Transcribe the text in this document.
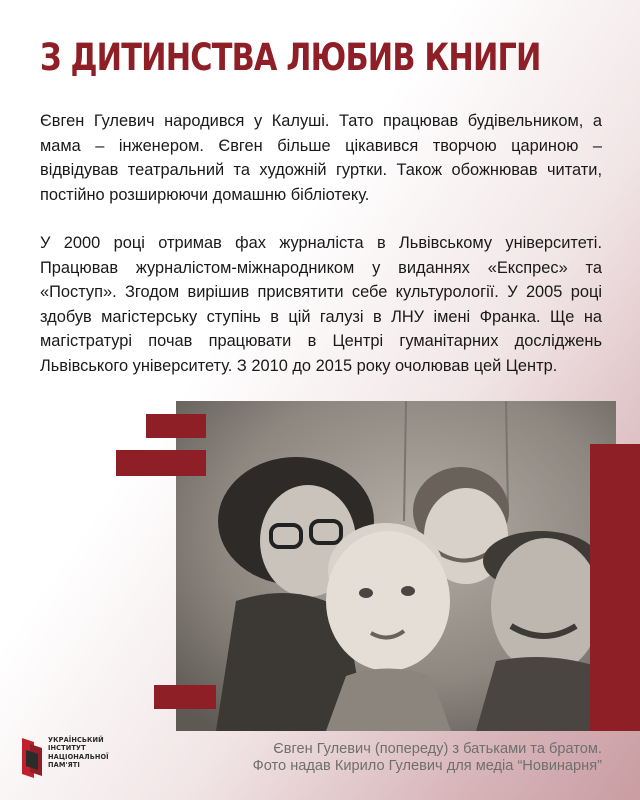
З ДИТИНСТВА ЛЮБИВ КНИГИ

Євген Гулевич народився у Калуші. Тато працював будівельником, а мама – інженером. Євген більше цікавився творчою цариною – відвідував театральний та художній гуртки. Також обожнював читати, постійно розширюючи домашню бібліотеку.

У 2000 році отримав фах журналіста в Львівському університеті. Працював журналістом-міжнародником у виданнях «Експрес» та «Поступ». Згодом вирішив присвятити себе культурології. У 2005 році здобув магістерську ступінь в цій галузі в ЛНУ імені Франка. Ще на магістратурі почав працювати в Центрі гуманітарних досліджень Львівського університету. З 2010 до 2015 року очолював цей Центр.

Євген Гулевич (попереду) з батьками та братом.
Фото надав Кирило Гулевич для медіа “Новинарня”
УКРАЇНСЬКИЙ
ІНСТИТУТ
НАЦІОНАЛЬНОЇ
ПАМ'ЯТІ
